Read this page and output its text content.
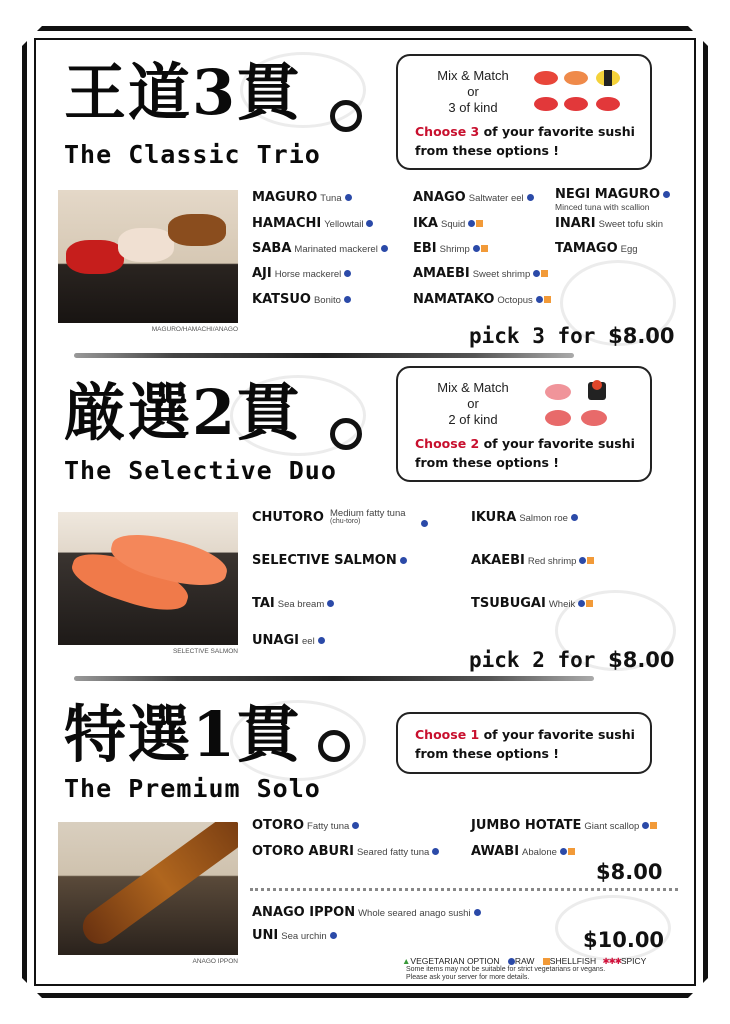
王道3貫
The Classic Trio
Mix & Match
or
3 of kind
Choose 3 of your favorite sushi
from these options !
MAGURO/HAMACHI/ANAGO
MAGURO Tuna
HAMACHI Yellowtail
SABA Marinated mackerel
AJI Horse mackerel
KATSUO Bonito
ANAGO Saltwater eel
IKA Squid
EBI Shrimp
AMAEBI Sweet shrimp
NAMATAKO Octopus
NEGI MAGURO
Minced tuna with scallion
INARI Sweet tofu skin
TAMAGO Egg
pick 3 for $8.00
厳選2貫
The Selective Duo
Mix & Match
or
2 of kind
Choose 2 of your favorite sushi
from these options !
SELECTIVE SALMON
CHUTORO Medium fatty tuna
(chu-toro)
SELECTIVE SALMON
TAI Sea bream
UNAGI eel
IKURA Salmon roe
AKAEBI Red shrimp
TSUBUGAI Wheik
pick 2 for $8.00
特選1貫
The Premium Solo
Choose 1 of your favorite sushi
from these options !
ANAGO IPPON
OTORO Fatty tuna
OTORO ABURI Seared fatty tuna
JUMBO HOTATE Giant scallop
AWABI Abalone
$8.00
ANAGO IPPON Whole seared anago sushi
UNI Sea urchin	$10.00
▲VEGETARIAN OPTION RAW SHELLFISH ✱✱✱SPICY
Some items may not be suitable for strict vegetarians or vegans.
Please ask your server for more details.
